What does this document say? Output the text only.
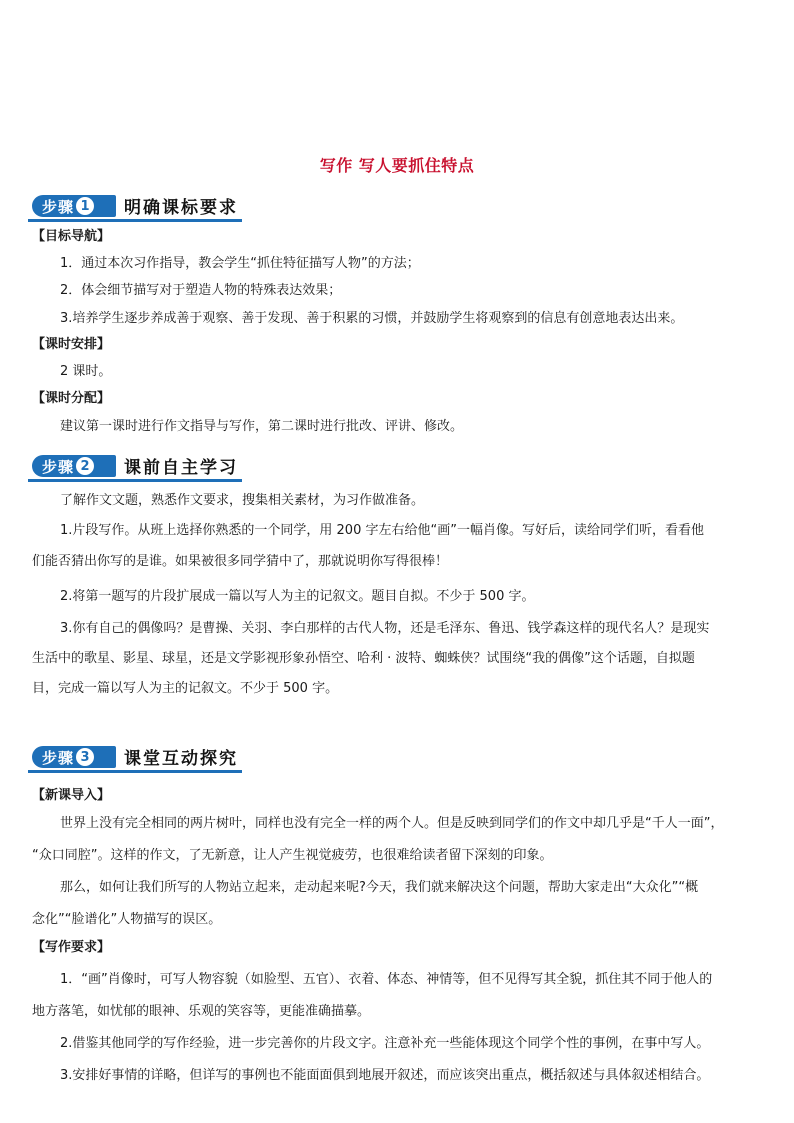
写作 写人要抓住特点
步骤 1 明确课标要求
【目标导航】
1．通过本次习作指导，教会学生“抓住特征描写人物”的方法；
2．体会细节描写对于塑造人物的特殊表达效果；
3.培养学生逐步养成善于观察、善于发现、善于积累的习惯，并鼓励学生将观察到的信息有创意地表达出来。
【课时安排】
2 课时。
【课时分配】
建议第一课时进行作文指导与写作，第二课时进行批改、评讲、修改。
步骤 2 课前自主学习
了解作文文题，熟悉作文要求，搜集相关素材，为习作做准备。
1.片段写作。从班上选择你熟悉的一个同学，用 200 字左右给他“画”一幅肖像。写好后，读给同学们听，看看他
们能否猜出你写的是谁。如果被很多同学猜中了，那就说明你写得很棒！
2.将第一题写的片段扩展成一篇以写人为主的记叙文。题目自拟。不少于 500 字。
3.你有自己的偶像吗？是曹操、关羽、李白那样的古代人物，还是毛泽东、鲁迅、钱学森这样的现代名人？是现实
生活中的歌星、影星、球星，还是文学影视形象孙悟空、哈利 · 波特、蜘蛛侠？试围绕“我的偶像”这个话题，自拟题
目，完成一篇以写人为主的记叙文。不少于 500 字。
步骤 3 课堂互动探究
【新课导入】
世界上没有完全相同的两片树叶，同样也没有完全一样的两个人。但是反映到同学们的作文中却几乎是“千人一面”，
“众口同腔”。这样的作文，了无新意，让人产生视觉疲劳，也很难给读者留下深刻的印象。
那么，如何让我们所写的人物站立起来，走动起来呢?今天，我们就来解决这个问题，帮助大家走出“大众化”“概
念化”“脸谱化”人物描写的误区。
【写作要求】
1．“画”肖像时，可写人物容貌（如脸型、五官）、衣着、体态、神情等，但不见得写其全貌，抓住其不同于他人的
地方落笔，如忧郁的眼神、乐观的笑容等，更能准确描摹。
2.借鉴其他同学的写作经验，进一步完善你的片段文字。注意补充一些能体现这个同学个性的事例，在事中写人。
3.安排好事情的详略，但详写的事例也不能面面俱到地展开叙述，而应该突出重点，概括叙述与具体叙述相结合。
